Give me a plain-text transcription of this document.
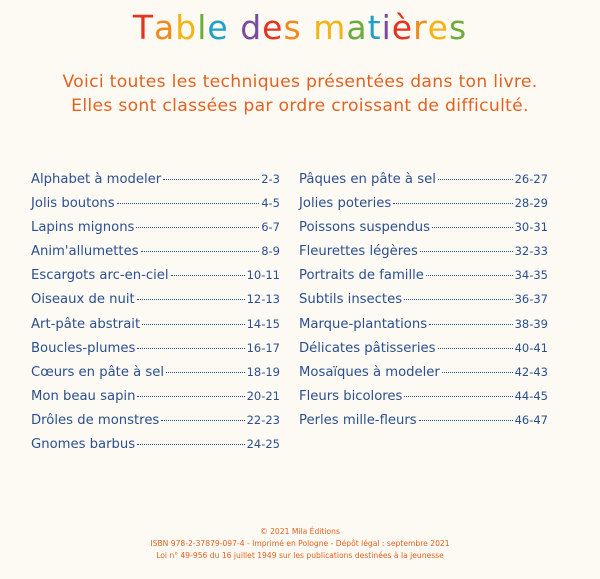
Table des matières
Voici toutes les techniques présentées dans ton livre.
Elles sont classées par ordre croissant de difficulté.
Alphabet à modeler	2-3
Jolis boutons	4-5
Lapins mignons	6-7
Anim'allumettes	8-9
Escargots arc-en-ciel	10-11
Oiseaux de nuit	12-13
Art-pâte abstrait	14-15
Boucles-plumes	16-17
Cœurs en pâte à sel	18-19
Mon beau sapin	20-21
Drôles de monstres	22-23
Gnomes barbus	24-25
Pâques en pâte à sel	26-27
Jolies poteries	28-29
Poissons suspendus	30-31
Fleurettes légères	32-33
Portraits de famille	34-35
Subtils insectes	36-37
Marque-plantations	38-39
Délicates pâtisseries	40-41
Mosaïques à modeler	42-43
Fleurs bicolores	44-45
Perles mille-fleurs	46-47
© 2021 Mila Éditions
ISBN 978-2-37879-097-4 - Imprimé en Pologne - Dépôt légal : septembre 2021
Loi n° 49-956 du 16 juillet 1949 sur les publications destinées à la jeunesse
